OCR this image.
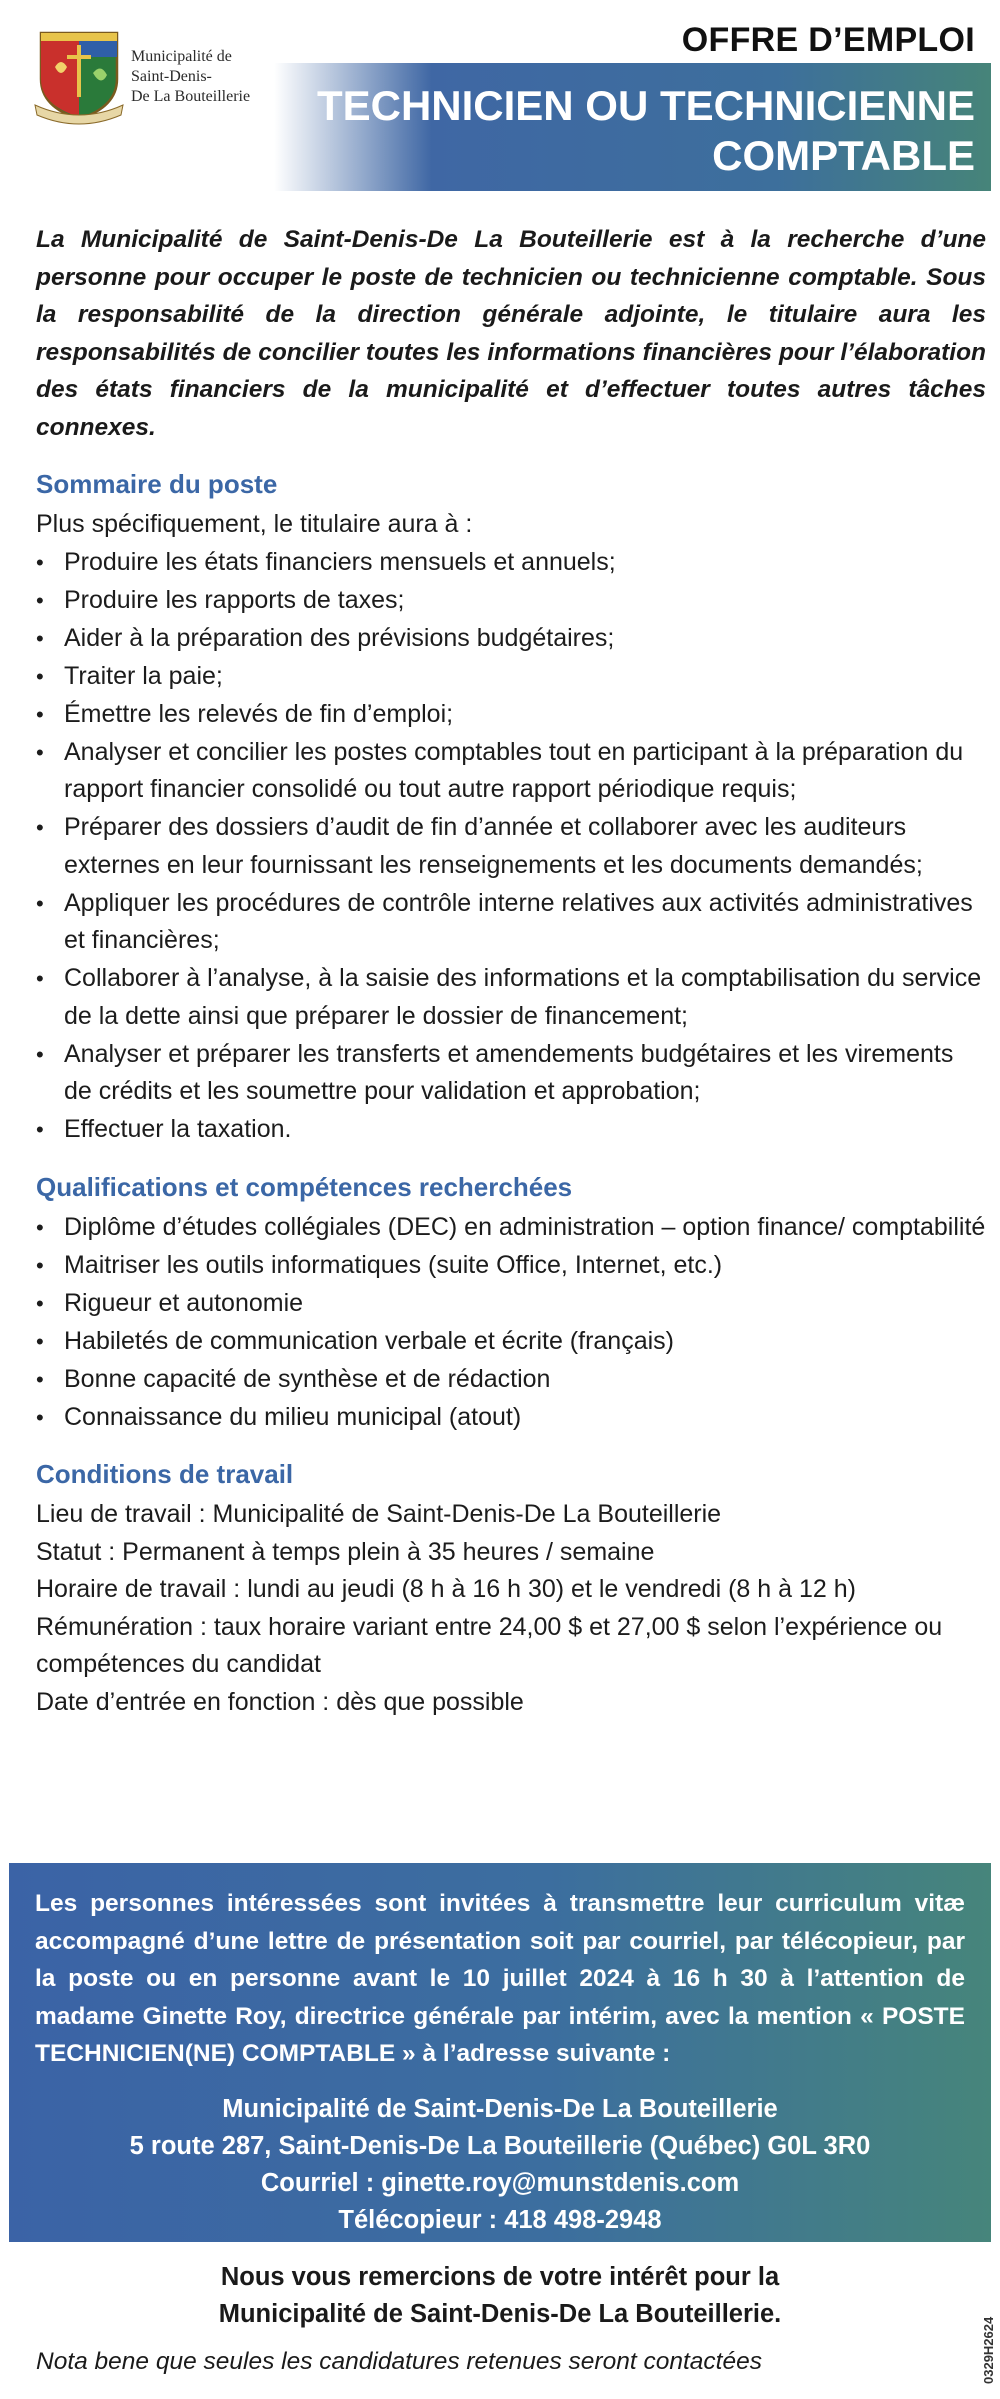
Municipalité de
Saint-Denis-
De La Bouteillerie
OFFRE D’EMPLOI
TECHNICIEN OU TECHNICIENNE
COMPTABLE

La Municipalité de Saint-Denis-De La Bouteillerie est à la recherche d’une personne pour occuper le poste de technicien ou technicienne comptable. Sous la responsabilité de la direction générale adjointe, le titulaire aura les responsabilités de concilier toutes les informations financières pour l’élaboration des états financiers de la municipalité et d’effectuer toutes autres tâches connexes.

Sommaire du poste

Plus spécifiquement, le titulaire aura à :

• Produire les états financiers mensuels et annuels;
• Produire les rapports de taxes;
• Aider à la préparation des prévisions budgétaires;
• Traiter la paie;
• Émettre les relevés de fin d’emploi;
• Analyser et concilier les postes comptables tout en participant à la préparation du rapport financier consolidé ou tout autre rapport périodique requis;
• Préparer des dossiers d’audit de fin d’année et collaborer avec les auditeurs externes en leur fournissant les renseignements et les documents demandés;
• Appliquer les procédures de contrôle interne relatives aux activités administratives et financières;
• Collaborer à l’analyse, à la saisie des informations et la comptabilisation du service de la dette ainsi que préparer le dossier de financement;
• Analyser et préparer les transferts et amendements budgétaires et les virements de crédits et les soumettre pour validation et approbation;
• Effectuer la taxation.
Qualifications et compétences recherchées
• Diplôme d’études collégiales (DEC) en administration – option finance/ comptabilité
• Maitriser les outils informatiques (suite Office, Internet, etc.)
• Rigueur et autonomie
• Habiletés de communication verbale et écrite (français)
• Bonne capacité de synthèse et de rédaction
• Connaissance du milieu municipal (atout)
Conditions de travail

Lieu de travail : Municipalité de Saint-Denis-De La Bouteillerie

Statut : Permanent à temps plein à 35 heures / semaine

Horaire de travail : lundi au jeudi (8 h à 16 h 30) et le vendredi (8 h à 12 h)

Rémunération : taux horaire variant entre 24,00 $ et 27,00 $ selon l’expérience ou compétences du candidat

Date d’entrée en fonction : dès que possible

Les personnes intéressées sont invitées à transmettre leur curriculum vitæ accompagné d’une lettre de présentation soit par courriel, par télécopieur, par la poste ou en personne avant le 10 juillet 2024 à 16 h 30 à l’attention de madame Ginette Roy, directrice générale par intérim, avec la mention « POSTE TECHNICIEN(NE) COMPTABLE » à l’adresse suivante :

Municipalité de Saint-Denis-De La Bouteillerie
5 route 287, Saint-Denis-De La Bouteillerie (Québec) G0L 3R0
Courriel : ginette.roy@munstdenis.com
Télécopieur : 418 498-2948
Nous vous remercions de votre intérêt pour la
Municipalité de Saint-Denis-De La Bouteillerie.
Nota bene que seules les candidatures retenues seront contactées	0329H2624
